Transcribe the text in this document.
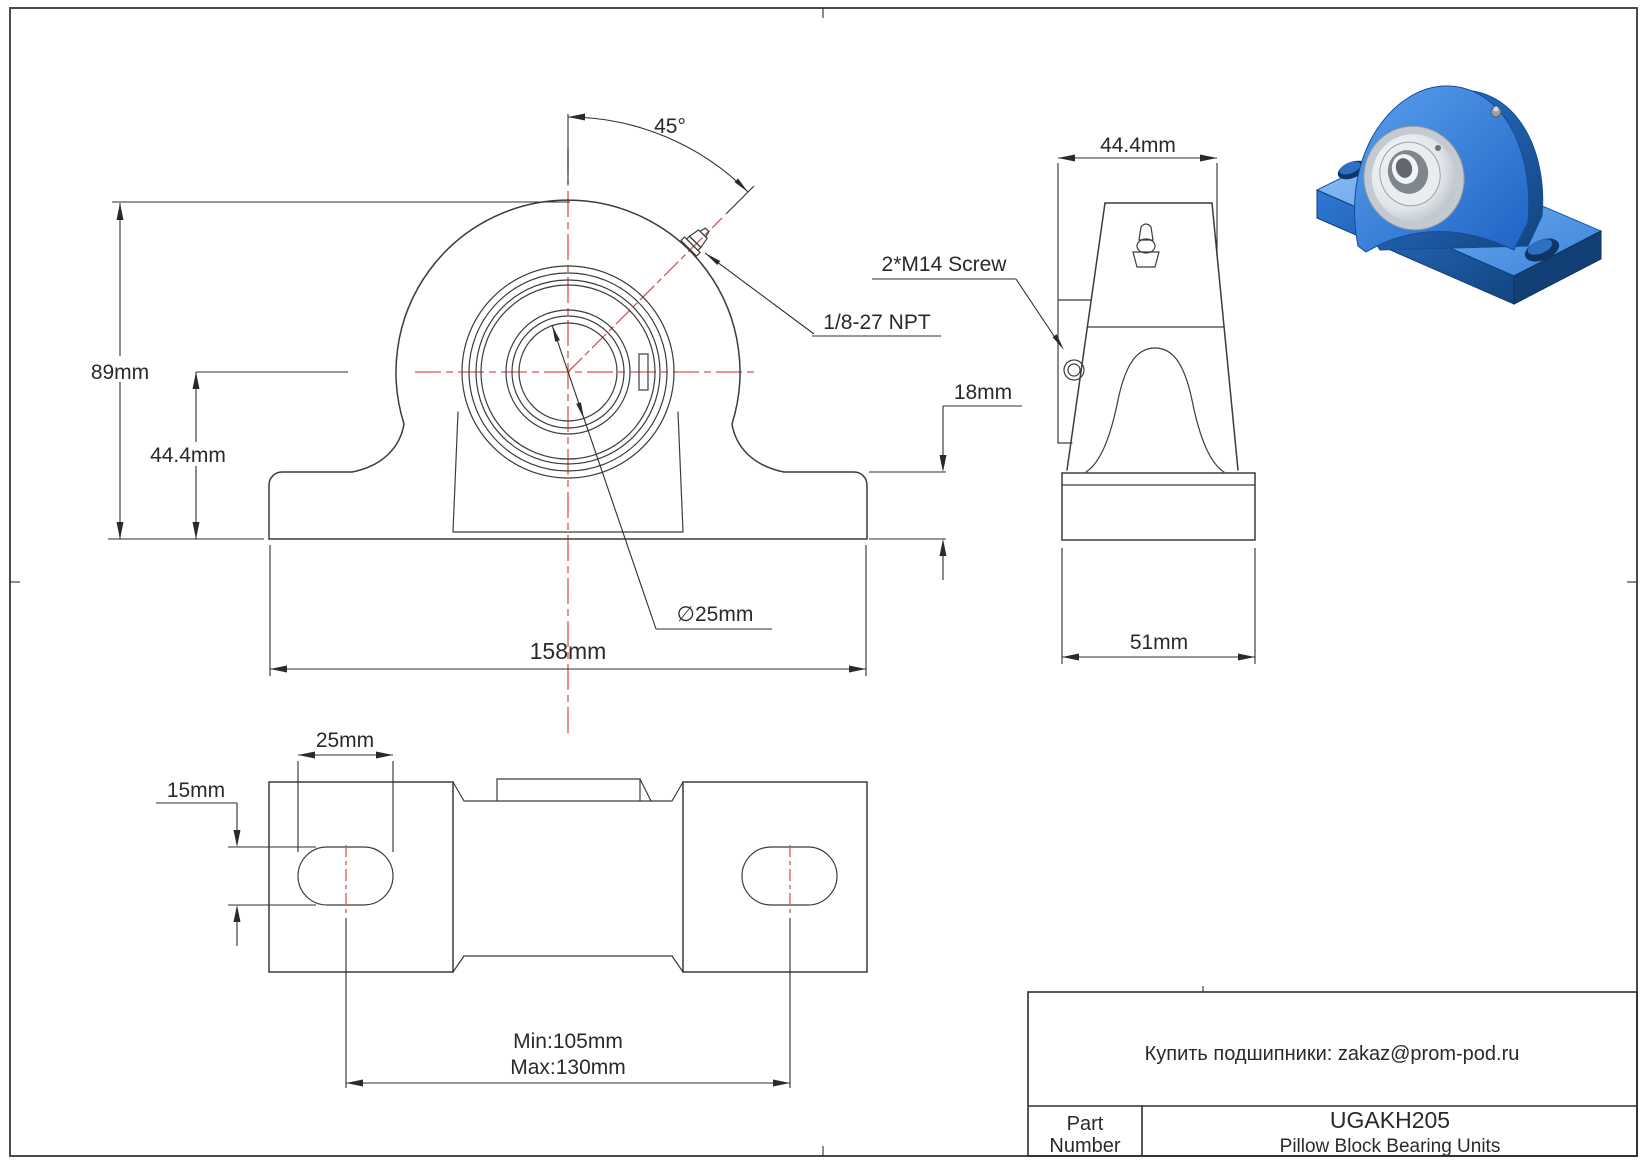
45°
89mm
44.4mm
158mm
∅25mm
1/8-27 NPT
44.4mm
2*M14 Screw
18mm
51mm
25mm
15mm
Min:105mm
Max:130mm
Купить подшипники: zakaz@prom-pod.ru
Part
Number
UGAKH205
Pillow Block Bearing Units
